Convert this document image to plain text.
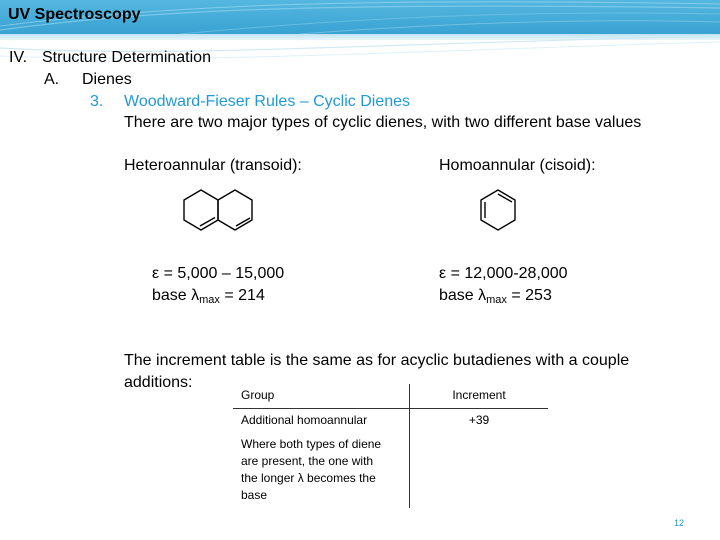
UV Spectroscopy
IV. Structure Determination
A. Dienes
3. Woodward-Fieser Rules – Cyclic Dienes
There are two major types of cyclic dienes, with two different base values
Heteroannular (transoid):	Homoannular (cisoid):
ε = 5,000 – 15,000
base $\lambda_{max} = 214$
ε = 12,000-28,000
base $\lambda_{max} = 253$
The increment table is the same as for acyclic butadienes with a couple
additions:
Group	Increment
Additional homoannular	+39
Where both types of diene
are present, the one with
the longer λ becomes the
base	
12
